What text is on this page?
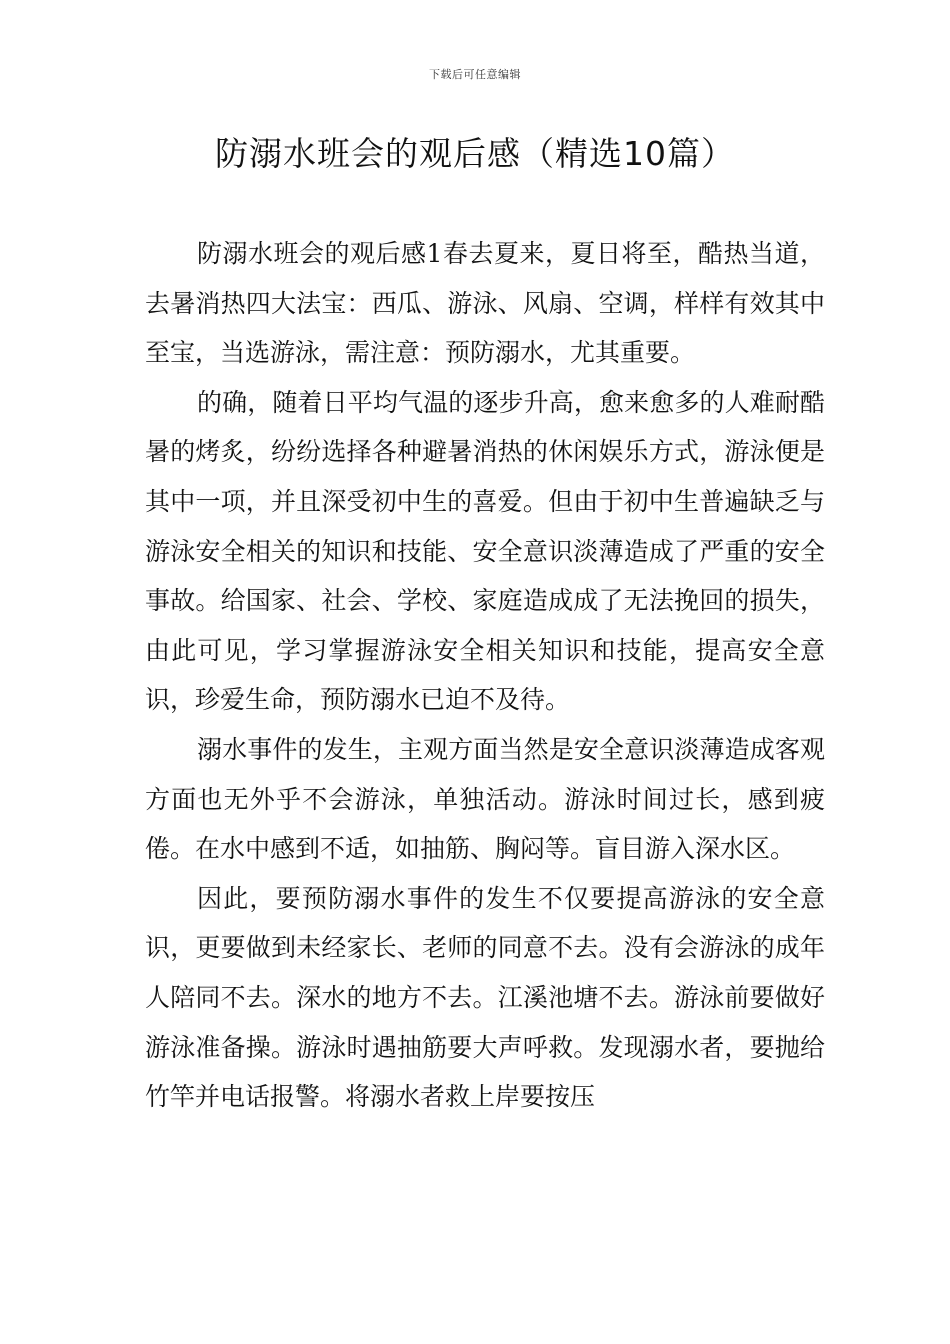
下载后可任意编辑
防溺水班会的观后感（精选10篇）

防溺水班会的观后感1春去夏来，夏日将至，酷热当道，去暑消热四大法宝：西瓜、游泳、风扇、空调，样样有效其中至宝，当选游泳，需注意：预防溺水，尤其重要。

的确，随着日平均气温的逐步升高，愈来愈多的人难耐酷暑的烤炙，纷纷选择各种避暑消热的休闲娱乐方式，游泳便是其中一项，并且深受初中生的喜爱。但由于初中生普遍缺乏与游泳安全相关的知识和技能、安全意识淡薄造成了严重的安全事故。给国家、社会、学校、家庭造成成了无法挽回的损失，由此可见，学习掌握游泳安全相关知识和技能，提高安全意识，珍爱生命，预防溺水已迫不及待。

溺水事件的发生，主观方面当然是安全意识淡薄造成客观方面也无外乎不会游泳，单独活动。游泳时间过长，感到疲倦。在水中感到不适，如抽筋、胸闷等。盲目游入深水区。

因此，要预防溺水事件的发生不仅要提高游泳的安全意识，更要做到未经家长、老师的同意不去。没有会游泳的成年人陪同不去。深水的地方不去。江溪池塘不去。游泳前要做好游泳准备操。游泳时遇抽筋要大声呼救。发现溺水者，要抛给竹竿并电话报警。将溺水者救上岸要按压
